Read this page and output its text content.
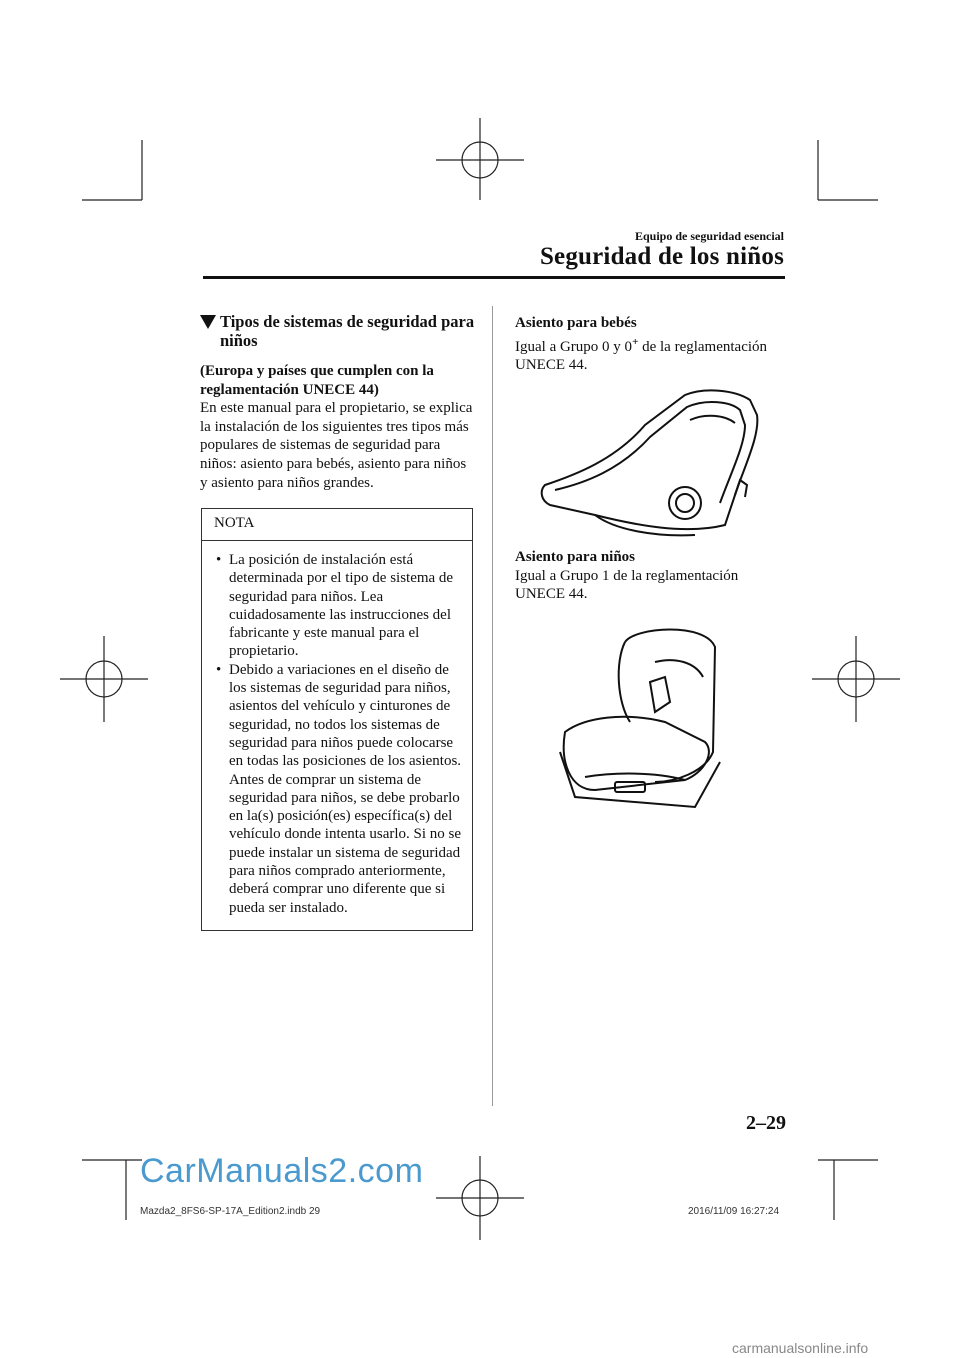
Equipo de seguridad esencial
Seguridad de los niños
Tipos de sistemas de seguridad para niños

(Europa y países que cumplen con la reglamentación UNECE 44)

En este manual para el propietario, se explica la instalación de los siguientes tres tipos más populares de sistemas de seguridad para niños: asiento para bebés, asiento para niños y asiento para niños grandes.

NOTA
• La posición de instalación está determinada por el tipo de sistema de seguridad para niños. Lea cuidadosamente las instrucciones del fabricante y este manual para el propietario.
• Debido a variaciones en el diseño de los sistemas de seguridad para niños, asientos del vehículo y cinturones de seguridad, no todos los sistemas de seguridad para niños puede colocarse en todas las posiciones de los asientos. Antes de comprar un sistema de seguridad para niños, se debe probarlo en la(s) posición(es) específica(s) del vehículo donde intenta usarlo. Si no se puede instalar un sistema de seguridad para niños comprado anteriormente, deberá comprar uno diferente que si pueda ser instalado.

Asiento para bebés

Igual a Grupo 0 y 0+ de la reglamentación UNECE 44.

Asiento para niños

Igual a Grupo 1 de la reglamentación UNECE 44.

2–29
CarManuals2.com
Mazda2_8FS6-SP-17A_Edition2.indb 29	2016/11/09 16:27:24
carmanualsonline.info
